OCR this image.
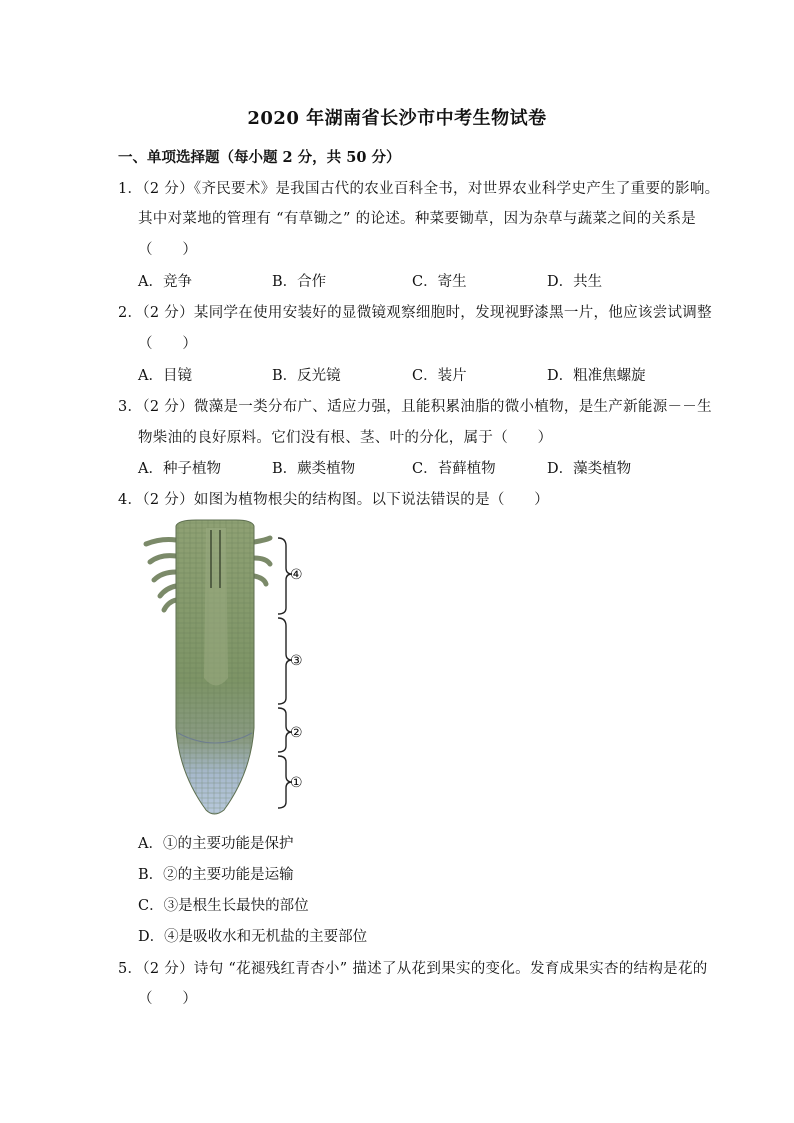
2020 年湖南省长沙市中考生物试卷
一、单项选择题（每小题 2 分，共 50 分）
1．（2 分）《齐民要术》是我国古代的农业百科全书，对世界农业科学史产生了重要的影响。
其中对菜地的管理有 “有草锄之” 的论述。种菜要锄草，因为杂草与蔬菜之间的关系是
（　　）
A．竞争	B．合作	C．寄生	D．共生
2．（2 分）某同学在使用安装好的显微镜观察细胞时，发现视野漆黑一片，他应该尝试调整
（　　）
A．目镜	B．反光镜	C．装片	D．粗准焦螺旋
3．（2 分）微藻是一类分布广、适应力强，且能积累油脂的微小植物，是生产新能源－－生
物柴油的良好原料。它们没有根、茎、叶的分化，属于（　　）
A．种子植物	B．蕨类植物	C．苔藓植物	D．藻类植物
4．（2 分）如图为植物根尖的结构图。以下说法错误的是（　　）
④
③
②
①
A．①的主要功能是保护
B．②的主要功能是运输
C．③是根生长最快的部位
D．④是吸收水和无机盐的主要部位
5．（2 分）诗句 “花褪残红青杏小” 描述了从花到果实的变化。发育成果实杏的结构是花的
（　　）
